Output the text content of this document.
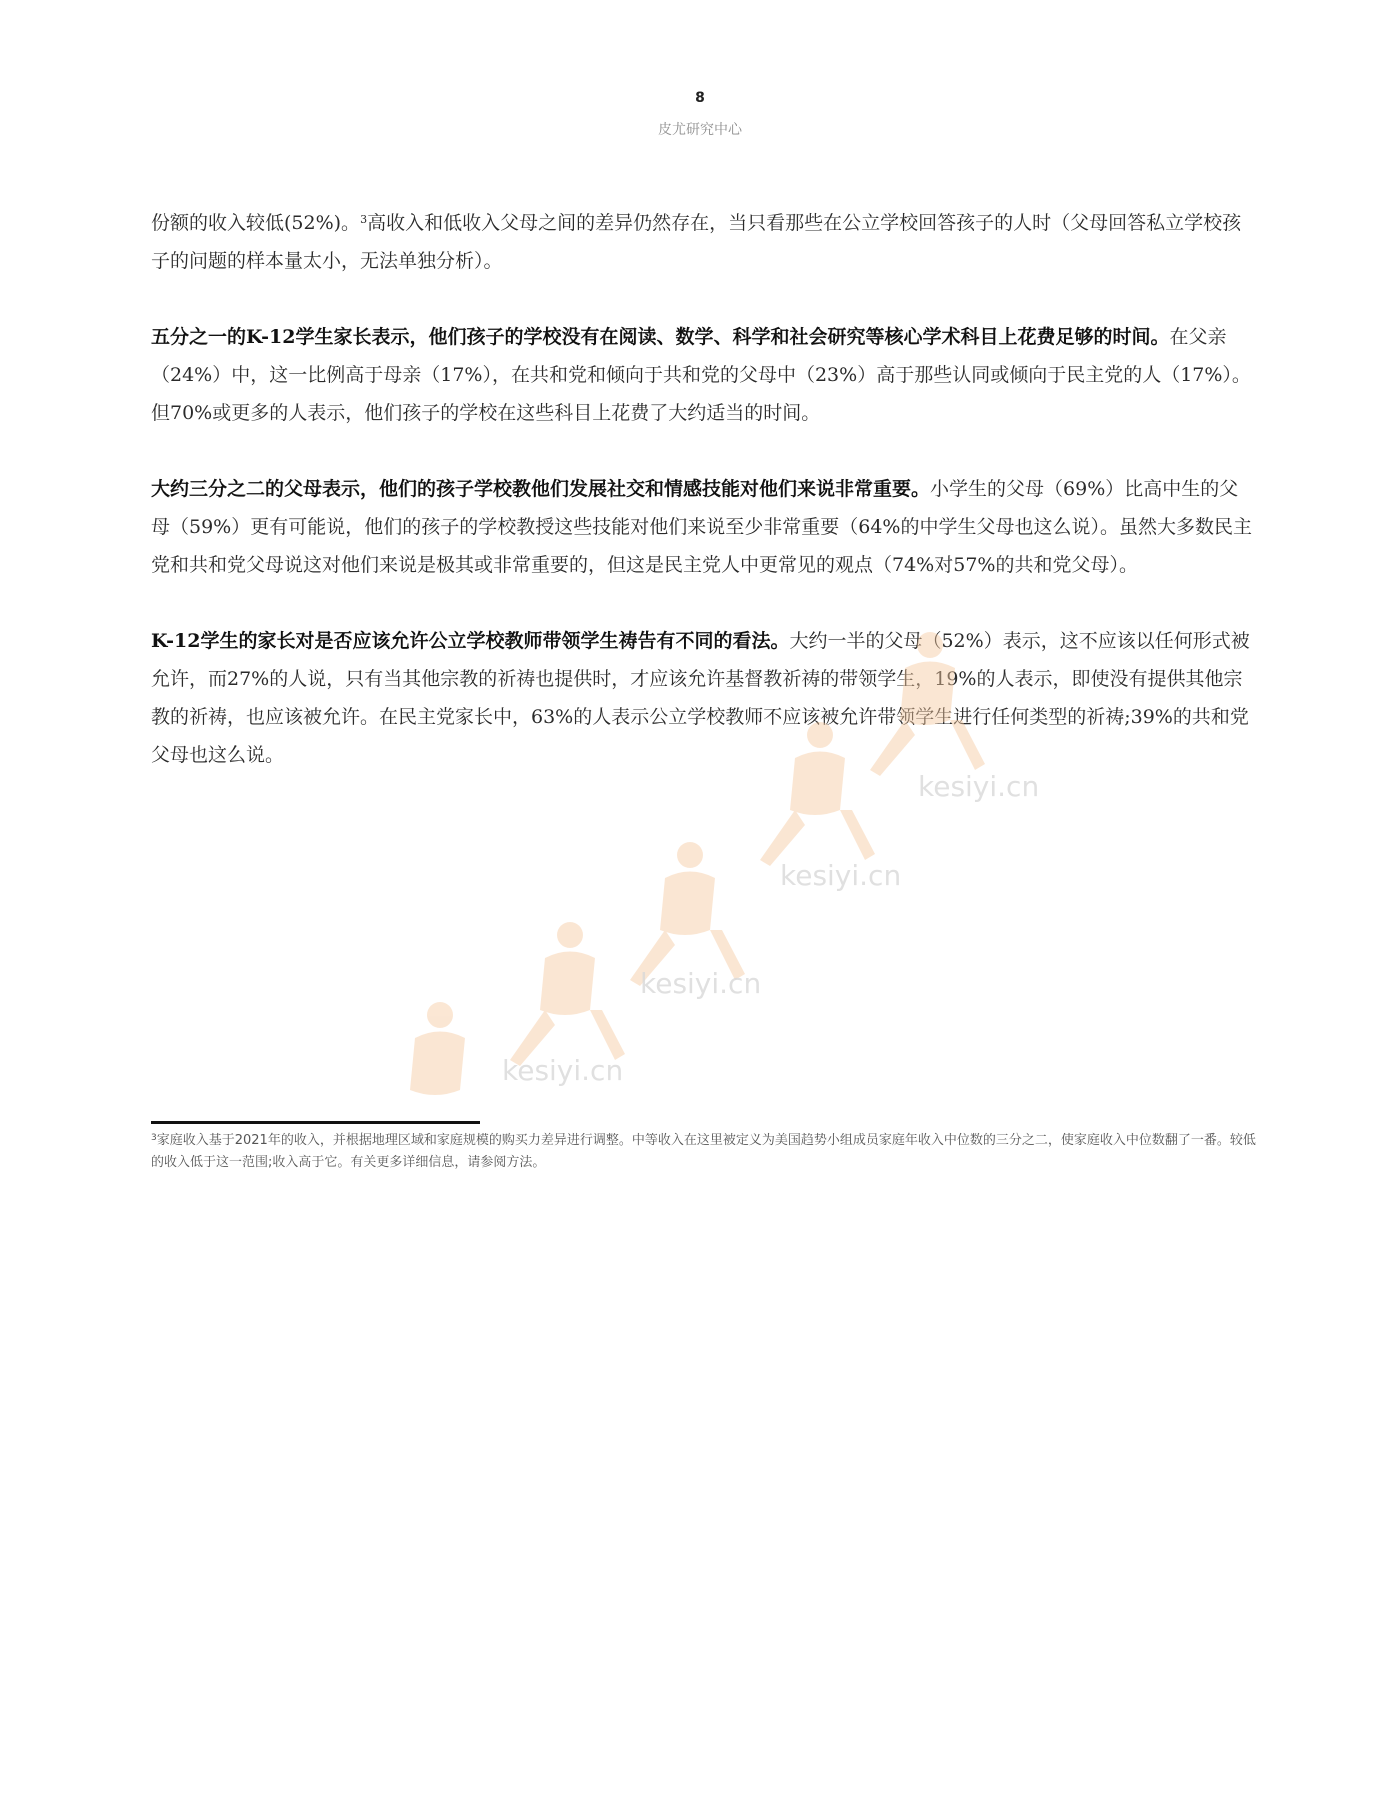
8
皮尤研究中心

份额的收入较低(52%)。$^3$高收入和低收入父母之间的差异仍然存在，当只看那些在公立学校回答孩子的人时（父母回答私立学校孩子的问题的样本量太小，无法单独分析）。

五分之一的K-12学生家长表示，他们孩子的学校没有在阅读、数学、科学和社会研究等核心学术科目上花费足够的时间。在父亲（24%）中，这一比例高于母亲（17%），在共和党和倾向于共和党的父母中（23%）高于那些认同或倾向于民主党的人（17%）。但70%或更多的人表示，他们孩子的学校在这些科目上花费了大约适当的时间。

大约三分之二的父母表示，他们的孩子学校教他们发展社交和情感技能对他们来说非常重要。小学生的父母（69%）比高中生的父母（59%）更有可能说，他们的孩子的学校教授这些技能对他们来说至少非常重要（64%的中学生父母也这么说）。虽然大多数民主党和共和党父母说这对他们来说是极其或非常重要的，但这是民主党人中更常见的观点（74%对57%的共和党父母）。

K-12学生的家长对是否应该允许公立学校教师带领学生祷告有不同的看法。大约一半的父母（52%）表示，这不应该以任何形式被允许，而27%的人说，只有当其他宗教的祈祷也提供时，才应该允许基督教祈祷的带领学生，19%的人表示，即使没有提供其他宗教的祈祷，也应该被允许。在民主党家长中，63%的人表示公立学校教师不应该被允许带领学生进行任何类型的祈祷;39%的共和党父母也这么说。

$^3$家庭收入基于2021年的收入，并根据地理区域和家庭规模的购买力差异进行调整。中等收入在这里被定义为美国趋势小组成员家庭年收入中位数的三分之二，使家庭收入中位数翻了一番。较低的收入低于这一范围;收入高于它。有关更多详细信息，请参阅方法。
kesiyi.cn
kesiyi.cn
kesiyi.cn
kesiyi.cn
